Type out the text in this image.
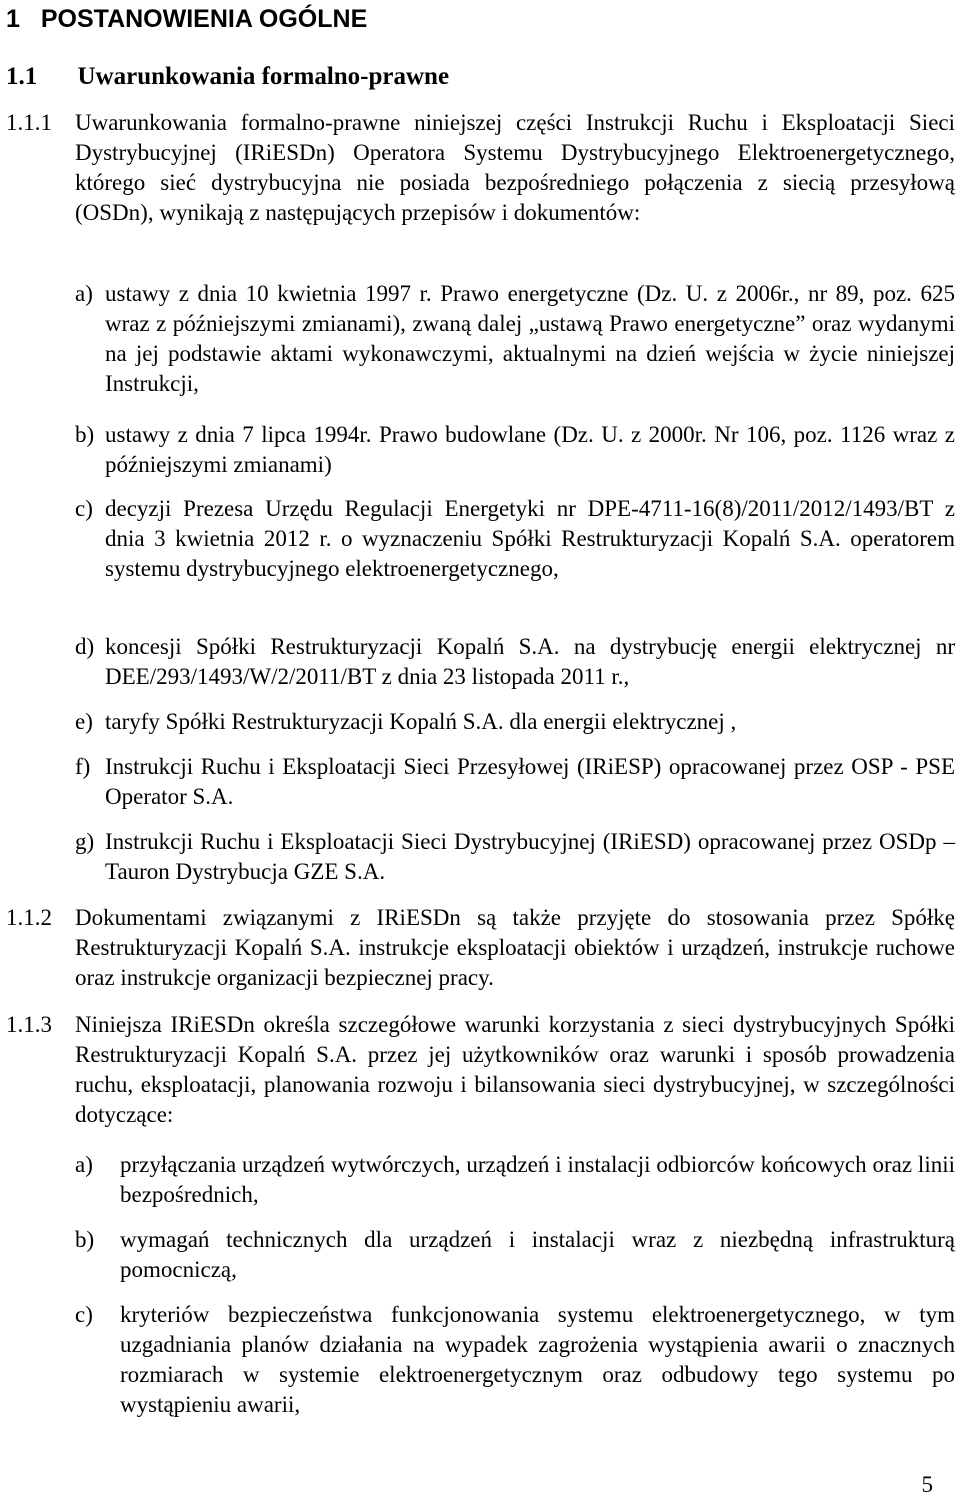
1 POSTANOWIENIA OGÓLNE
1.1 Uwarunkowania formalno-prawne
1.1.1 Uwarunkowania formalno-prawne niniejszej części Instrukcji Ruchu i Eksploatacji Sieci Dystrybucyjnej (IRiESDn) Operatora Systemu Dystrybucyjnego Elektroenergetycznego, którego sieć dystrybucyjna nie posiada bezpośredniego połączenia z siecią przesyłową (OSDn), wynikają z następujących przepisów i dokumentów:
a) ustawy z dnia 10 kwietnia 1997 r. Prawo energetyczne (Dz. U. z 2006r., nr 89, poz. 625 wraz z późniejszymi zmianami), zwaną dalej „ustawą Prawo energetyczne” oraz wydanymi na jej podstawie aktami wykonawczymi, aktualnymi na dzień wejścia w życie niniejszej Instrukcji,
b) ustawy z dnia 7 lipca 1994r. Prawo budowlane (Dz. U. z 2000r. Nr 106, poz. 1126 wraz z późniejszymi zmianami)
c) decyzji Prezesa Urzędu Regulacji Energetyki nr DPE-4711-16(8)/2011/2012/1493/BT z dnia 3 kwietnia 2012 r. o wyznaczeniu Spółki Restrukturyzacji Kopalń S.A. operatorem systemu dystrybucyjnego elektroenergetycznego,
d) koncesji Spółki Restrukturyzacji Kopalń S.A. na dystrybucję energii elektrycznej nr DEE/293/1493/W/2/2011/BT z dnia 23 listopada 2011 r.,
e) taryfy Spółki Restrukturyzacji Kopalń S.A. dla energii elektrycznej ,
f) Instrukcji Ruchu i Eksploatacji Sieci Przesyłowej (IRiESP) opracowanej przez OSP - PSE Operator S.A.
g) Instrukcji Ruchu i Eksploatacji Sieci Dystrybucyjnej (IRiESD) opracowanej przez OSDp – Tauron Dystrybucja GZE S.A.
1.1.2 Dokumentami związanymi z IRiESDn są także przyjęte do stosowania przez Spółkę Restrukturyzacji Kopalń S.A. instrukcje eksploatacji obiektów i urządzeń, instrukcje ruchowe oraz instrukcje organizacji bezpiecznej pracy.
1.1.3 Niniejsza IRiESDn określa szczegółowe warunki korzystania z sieci dystrybucyjnych Spółki Restrukturyzacji Kopalń S.A. przez jej użytkowników oraz warunki i sposób prowadzenia ruchu, eksploatacji, planowania rozwoju i bilansowania sieci dystrybucyjnej, w szczególności dotyczące:
a)	przyłączania urządzeń wytwórczych, urządzeń i instalacji odbiorców końcowych oraz linii bezpośrednich,
b)	wymagań technicznych dla urządzeń i instalacji wraz z niezbędną infrastrukturą pomocniczą,
c)	kryteriów bezpieczeństwa funkcjonowania systemu elektroenergetycznego, w tym uzgadniania planów działania na wypadek zagrożenia wystąpienia awarii o znacznych rozmiarach w systemie elektroenergetycznym oraz odbudowy tego systemu po wystąpieniu awarii,
5
